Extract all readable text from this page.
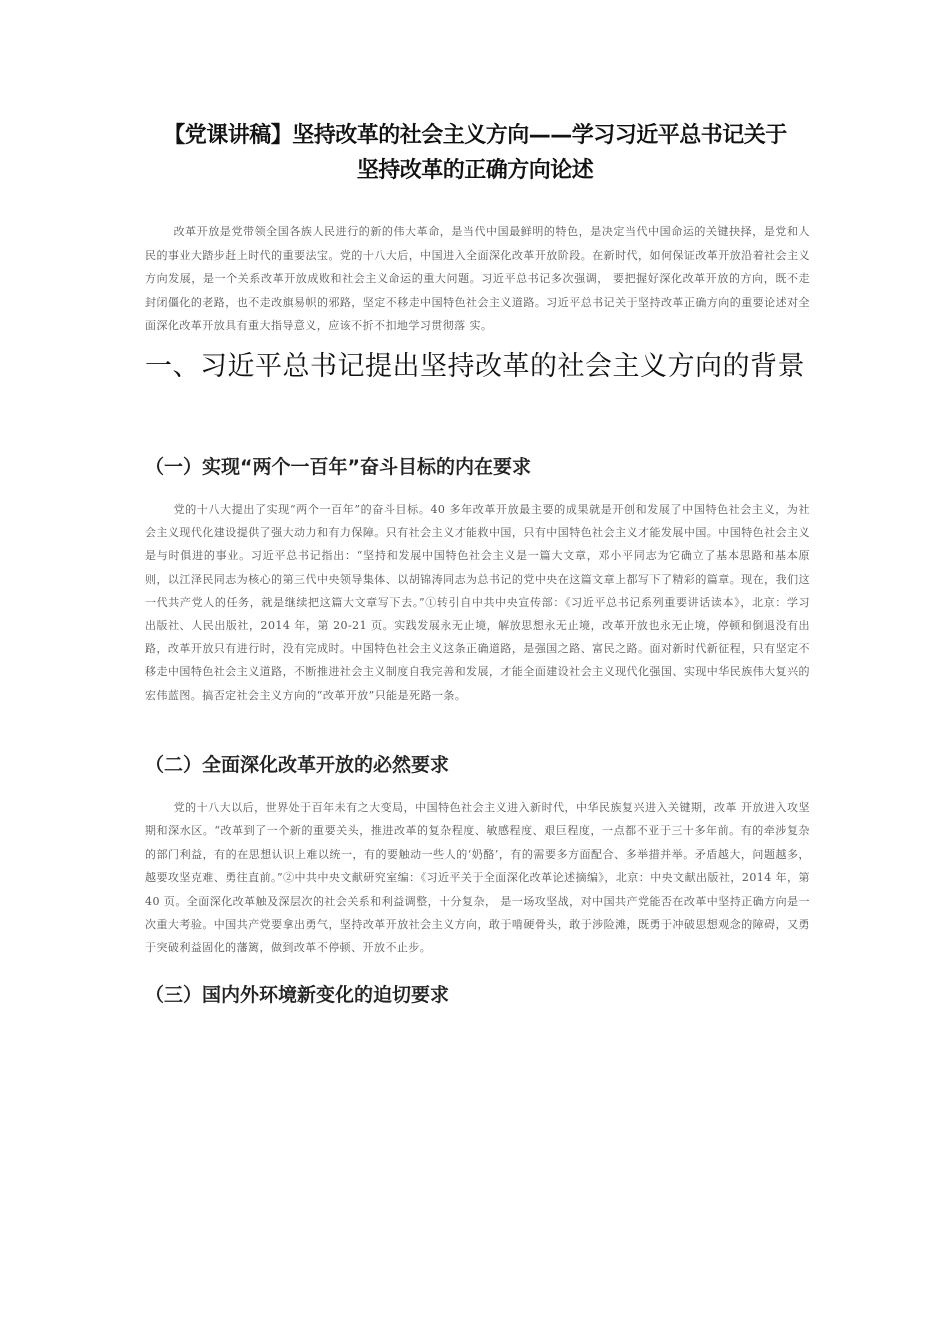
【党课讲稿】坚持改革的社会主义方向——学习习近平总书记关于
坚持改革的正确方向论述

改革开放是党带领全国各族人民进行的新的伟大革命，是当代中国最鲜明的特色，是决定当代中国命运的关键抉择，是党和人民的事业大踏步赶上时代的重要法宝。党的十八大后，中国进入全面深化改革开放阶段。在新时代，如何保证改革开放沿着社会主义方向发展，是一个关系改革开放成败和社会主义命运的重大问题。习近平总书记多次强调， 要把握好深化改革开放的方向，既不走封闭僵化的老路，也不走改旗易帜的邪路，坚定不移走中国特色社会主义道路。习近平总书记关于坚持改革正确方向的重要论述对全面深化改革开放具有重大指导意义，应该不折不扣地学习贯彻落 实。

一、习近平总书记提出坚持改革的社会主义方向的背景
（一）实现“两个一百年”奋斗目标的内在要求

党的十八大提出了实现“两个一百年”的奋斗目标。40 多年改革开放最主要的成果就是开创和发展了中国特色社会主义，为社会主义现代化建设提供了强大动力和有力保障。只有社会主义才能救中国，只有中国特色社会主义才能发展中国。中国特色社会主义是与时俱进的事业。习近平总书记指出：“坚持和发展中国特色社会主义是一篇大文章，邓小平同志为它确立了基本思路和基本原则，以江泽民同志为核心的第三代中央领导集体、以胡锦涛同志为总书记的党中央在这篇文章上都写下了精彩的篇章。现在，我们这一代共产党人的任务，就是继续把这篇大文章写下去。”①转引自中共中央宣传部：《习近平总书记系列重要讲话读本》，北京：学习出版社、人民出版社，2014 年，第 20-21 页。实践发展永无止境，解放思想永无止境，改革开放也永无止境，停顿和倒退没有出路，改革开放只有进行时，没有完成时。中国特色社会主义这条正确道路，是强国之路、富民之路。面对新时代新征程，只有坚定不移走中国特色社会主义道路，不断推进社会主义制度自我完善和发展，才能全面建设社会主义现代化强国、实现中华民族伟大复兴的宏伟蓝图。搞否定社会主义方向的“改革开放”只能是死路一条。

（二）全面深化改革开放的必然要求

党的十八大以后，世界处于百年未有之大变局，中国特色社会主义进入新时代，中华民族复兴进入关键期，改革 开放进入攻坚期和深水区。“改革到了一个新的重要关头，推进改革的复杂程度、敏感程度、艰巨程度，一点都不亚于三十多年前。有的牵涉复杂的部门利益，有的在思想认识上难以统一，有的要触动一些人的‘奶酪’，有的需要多方面配合、多举措并举。矛盾越大，问题越多，越要攻坚克难、勇往直前。”②中共中央文献研究室编：《习近平关于全面深化改革论述摘编》，北京：中央文献出版社，2014 年，第 40 页。全面深化改革触及深层次的社会关系和利益调整，十分复杂， 是一场攻坚战，对中国共产党能否在改革中坚持正确方向是一次重大考验。中国共产党要拿出勇气，坚持改革开放社会主义方向，敢于啃硬骨头，敢于涉险滩，既勇于冲破思想观念的障碍，又勇于突破利益固化的藩篱，做到改革不停顿、开放不止步。

（三）国内外环境新变化的迫切要求
